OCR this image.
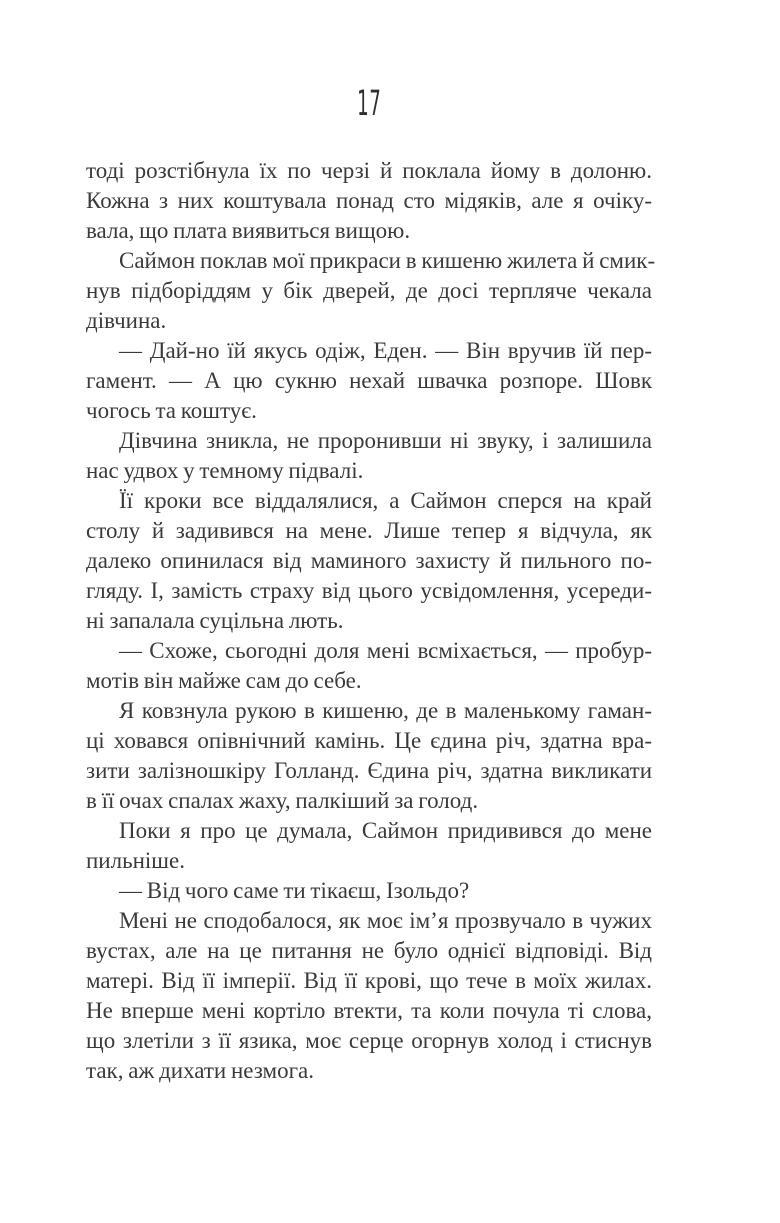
17

тоді розстібнула їх по черзі й поклала йому в долоню.
Кожна з них коштувала понад сто мідяків, але я очіку-
вала, що плата виявиться вищою.

Саймон поклав мої прикраси в кишеню жилета й смик-
нув підборіддям у бік дверей, де досі терпляче чекала
дівчина.

— Дай-но їй якусь одіж, Еден. — Він вручив їй пер-
гамент. — А цю сукню нехай швачка розпоре. Шовк
чогось та коштує.

Дівчина зникла, не проронивши ні звуку, і залишила
нас удвох у темному підвалі.

Її кроки все віддалялися, а Саймон сперся на край
столу й задивився на мене. Лише тепер я відчула, як
далеко опинилася від маминого захисту й пильного по-
гляду. І, замість страху від цього усвідомлення, усереди-
ні запалала суцільна лють.

— Схоже, сьогодні доля мені всміхається, — пробур-
мотів він майже сам до себе.

Я ковзнула рукою в кишеню, де в маленькому гаман-
ці ховався опівнічний камінь. Це єдина річ, здатна вра-
зити залізношкіру Голланд. Єдина річ, здатна викликати
в її очах спалах жаху, палкіший за голод.

Поки я про це думала, Саймон придивився до мене
пильніше.

— Від чого саме ти тікаєш, Ізольдо?

Мені не сподобалося, як моє ім’я прозвучало в чужих
вустах, але на це питання не було однієї відповіді. Від
матері. Від її імперії. Від її крові, що тече в моїх жилах.
Не вперше мені кортіло втекти, та коли почула ті слова,
що злетіли з її язика, моє серце огорнув холод і стиснув
так, аж дихати незмога.
